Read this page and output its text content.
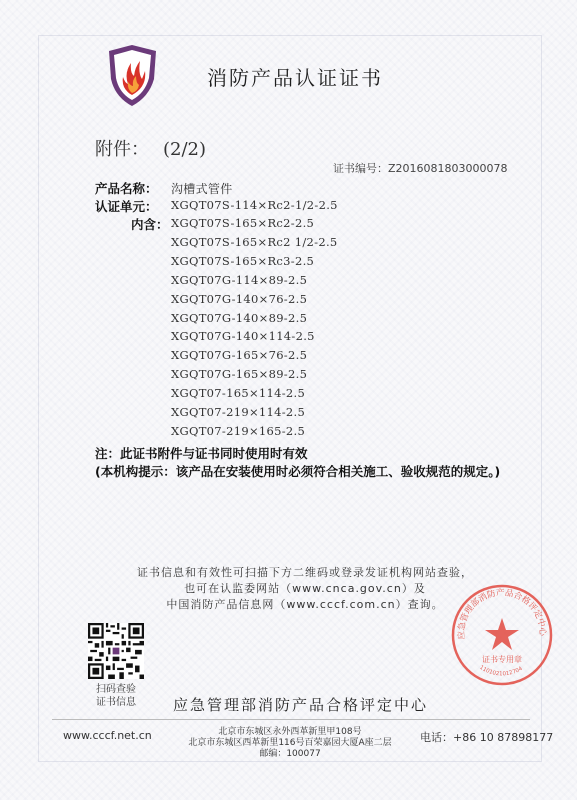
消防产品认证证书
附件： (2/2)
证书编号：Z2016081803000078
产品名称： 沟槽式管件
认证单元： XGQT07S-114×Rc2-1/2-2.5
内含： XGQT07S-165×Rc2-2.5
XGQT07S-165×Rc2 1/2-2.5
XGQT07S-165×Rc3-2.5
XGQT07G-114×89-2.5
XGQT07G-140×76-2.5
XGQT07G-140×89-2.5
XGQT07G-140×114-2.5
XGQT07G-165×76-2.5
XGQT07G-165×89-2.5
XGQT07-165×114-2.5
XGQT07-219×114-2.5
XGQT07-219×165-2.5
注：此证书附件与证书同时使用时有效
(本机构提示：该产品在安装使用时必须符合相关施工、验收规范的规定。)
证书信息和有效性可扫描下方二维码或登录发证机构网站查验，
也可在认监委网站（www.cnca.gov.cn）及
中国消防产品信息网（www.cccf.com.cn）查询。
扫码查验
证书信息	应急管理部消防产品合格评定中心
应急管理部消防产品合格评定中心
证书专用章
1101021012704
www.cccf.net.cn	北京市东城区永外西革新里甲108号
北京市东城区西革新里116号百荣嘉园大厦A座二层
邮编：100077
电话：+86 10 87898177
